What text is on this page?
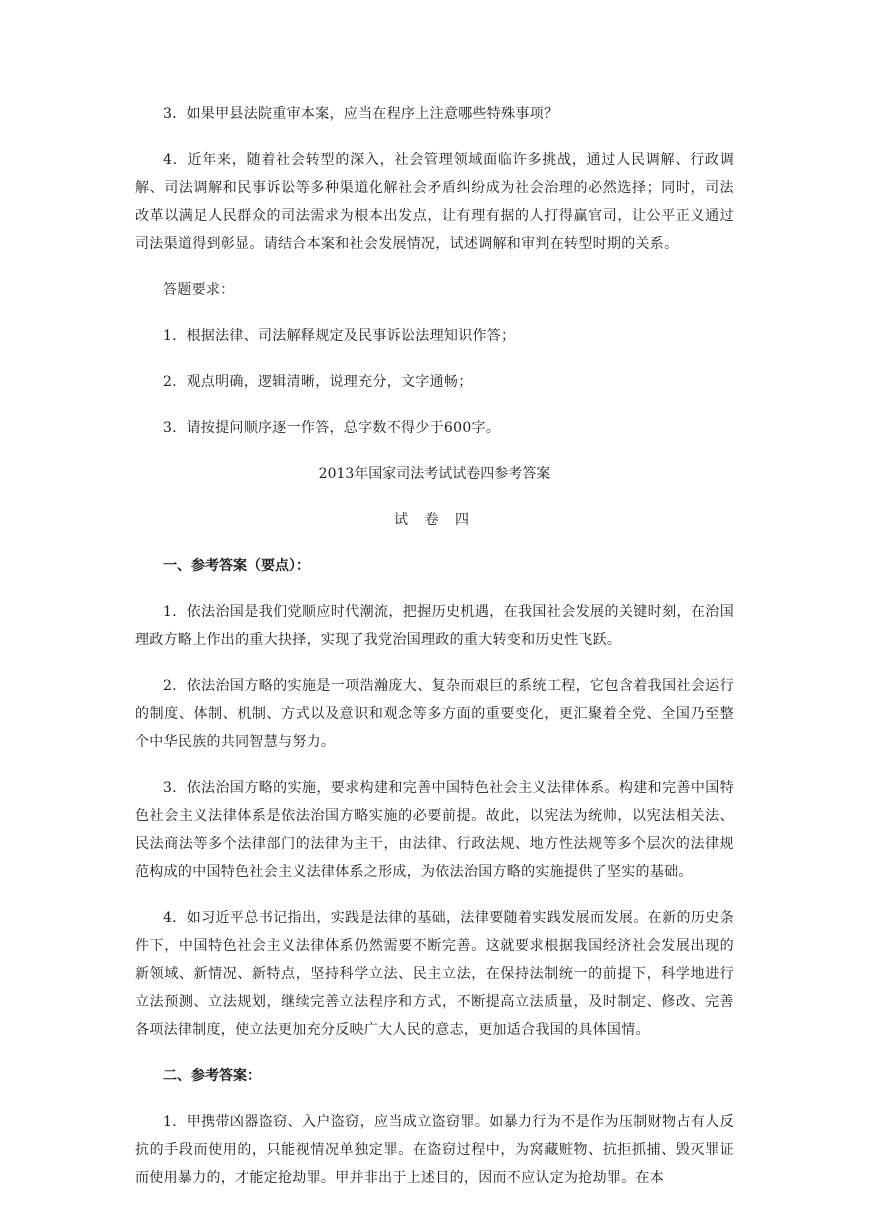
3．如果甲县法院重审本案，应当在程序上注意哪些特殊事项？

4．近年来，随着社会转型的深入，社会管理领域面临许多挑战，通过人民调解、行政调解、司法调解和民事诉讼等多种渠道化解社会矛盾纠纷成为社会治理的必然选择；同时，司法改革以满足人民群众的司法需求为根本出发点，让有理有据的人打得赢官司，让公平正义通过司法渠道得到彰显。请结合本案和社会发展情况，试述调解和审判在转型时期的关系。

答题要求：

1．根据法律、司法解释规定及民事诉讼法理知识作答；

2．观点明确，逻辑清晰，说理充分，文字通畅；

3．请按提问顺序逐一作答，总字数不得少于600字。

2013年国家司法考试试卷四参考答案

试 卷 四

一、参考答案（要点）：

1．依法治国是我们党顺应时代潮流，把握历史机遇，在我国社会发展的关键时刻，在治国理政方略上作出的重大抉择，实现了我党治国理政的重大转变和历史性飞跃。

2．依法治国方略的实施是一项浩瀚庞大、复杂而艰巨的系统工程，它包含着我国社会运行的制度、体制、机制、方式以及意识和观念等多方面的重要变化，更汇聚着全党、全国乃至整个中华民族的共同智慧与努力。

3．依法治国方略的实施，要求构建和完善中国特色社会主义法律体系。构建和完善中国特色社会主义法律体系是依法治国方略实施的必要前提。故此，以宪法为统帅，以宪法相关法、民法商法等多个法律部门的法律为主干，由法律、行政法规、地方性法规等多个层次的法律规范构成的中国特色社会主义法律体系之形成，为依法治国方略的实施提供了坚实的基础。

4．如习近平总书记指出，实践是法律的基础，法律要随着实践发展而发展。在新的历史条件下，中国特色社会主义法律体系仍然需要不断完善。这就要求根据我国经济社会发展出现的新领域、新情况、新特点，坚持科学立法、民主立法，在保持法制统一的前提下，科学地进行立法预测、立法规划，继续完善立法程序和方式，不断提高立法质量，及时制定、修改、完善各项法律制度，使立法更加充分反映广大人民的意志，更加适合我国的具体国情。

二、参考答案：

1．甲携带凶器盗窃、入户盗窃，应当成立盗窃罪。如暴力行为不是作为压制财物占有人反抗的手段而使用的，只能视情况单独定罪。在盗窃过程中，为窝藏赃物、抗拒抓捕、毁灭罪证而使用暴力的，才能定抢劫罪。甲并非出于上述目的，因而不应认定为抢劫罪。在本
